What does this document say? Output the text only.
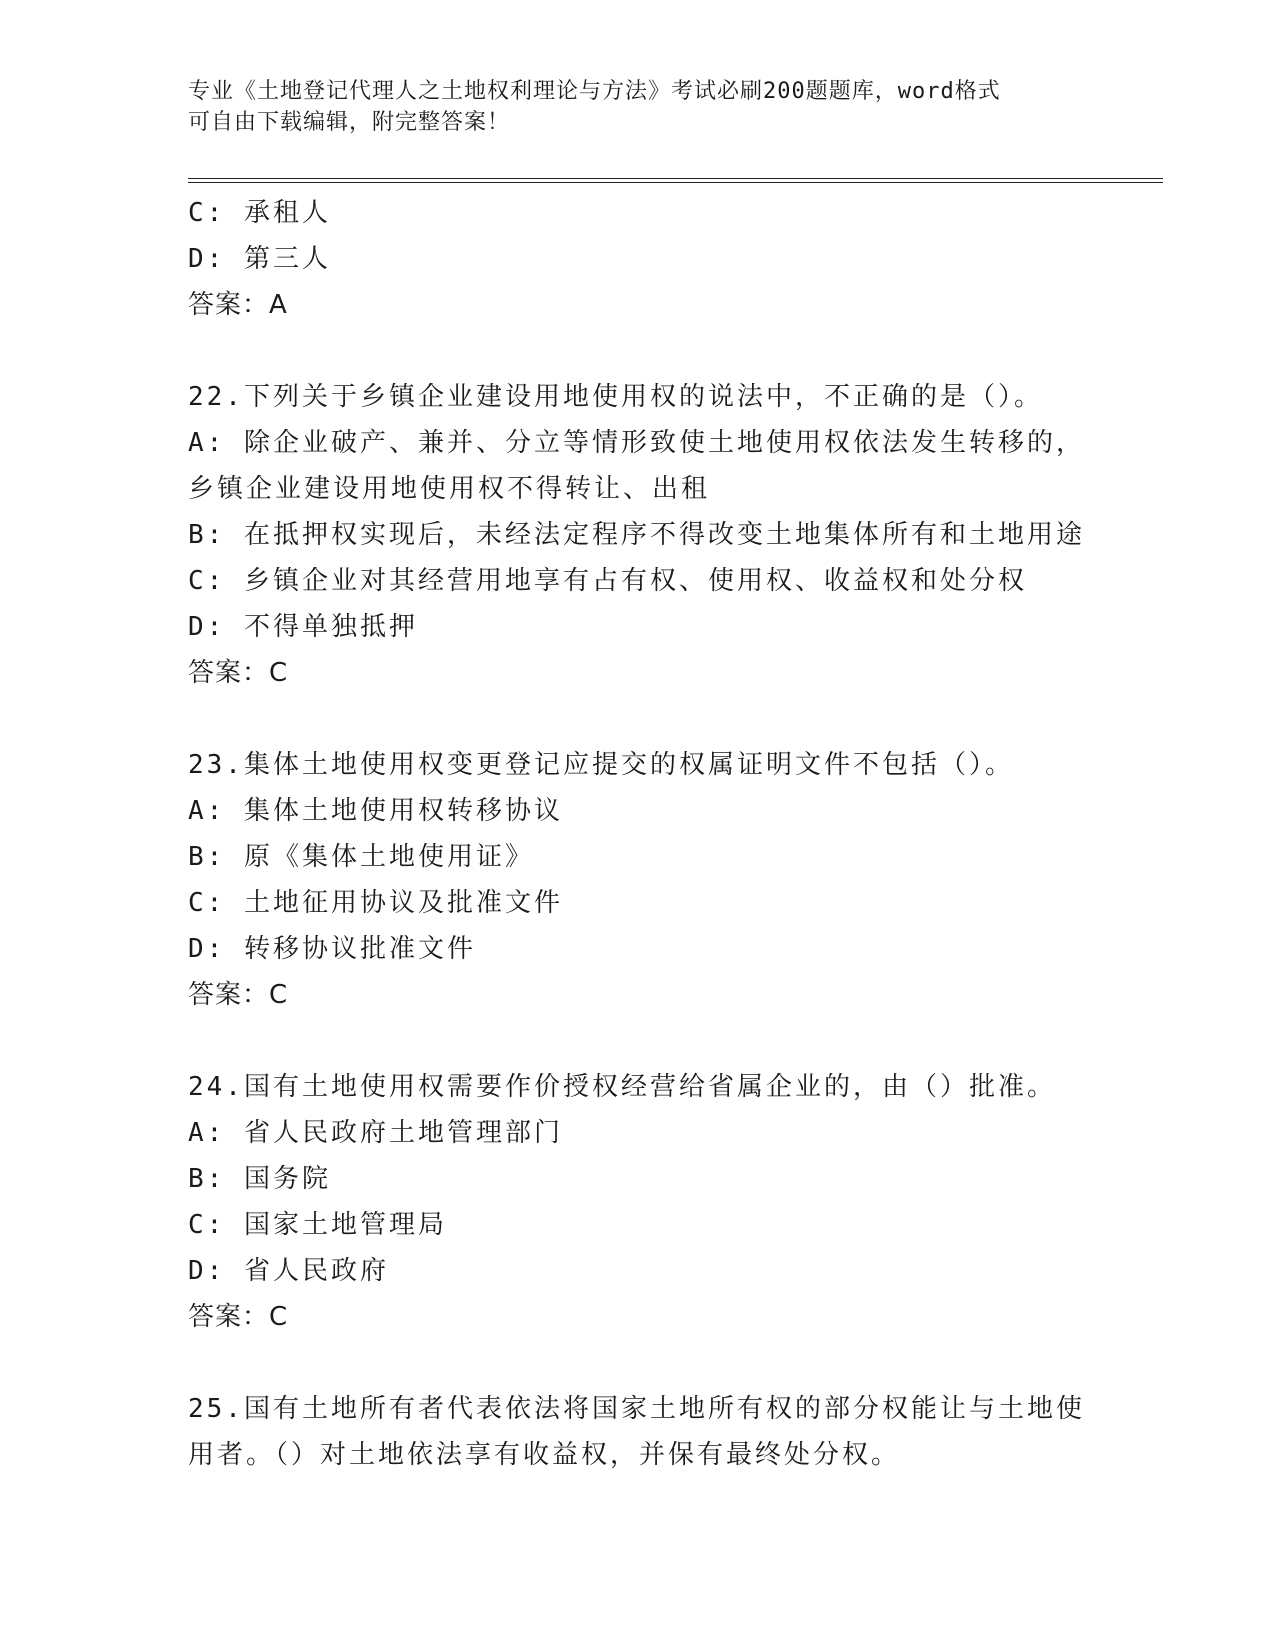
专业《土地登记代理人之土地权利理论与方法》考试必刷200题题库，word格式
可自由下载编辑，附完整答案！
C: 承租人
D: 第三人
答案：A
22.下列关于乡镇企业建设用地使用权的说法中，不正确的是（）。
A: 除企业破产、兼并、分立等情形致使土地使用权依法发生转移的，
乡镇企业建设用地使用权不得转让、出租
B: 在抵押权实现后，未经法定程序不得改变土地集体所有和土地用途
C: 乡镇企业对其经营用地享有占有权、使用权、收益权和处分权
D: 不得单独抵押
答案：C
23.集体土地使用权变更登记应提交的权属证明文件不包括（）。
A: 集体土地使用权转移协议
B: 原《集体土地使用证》
C: 土地征用协议及批准文件
D: 转移协议批准文件
答案：C
24.国有土地使用权需要作价授权经营给省属企业的，由（）批准。
A: 省人民政府土地管理部门
B: 国务院
C: 国家土地管理局
D: 省人民政府
答案：C
25.国有土地所有者代表依法将国家土地所有权的部分权能让与土地使
用者。（）对土地依法享有收益权，并保有最终处分权。
